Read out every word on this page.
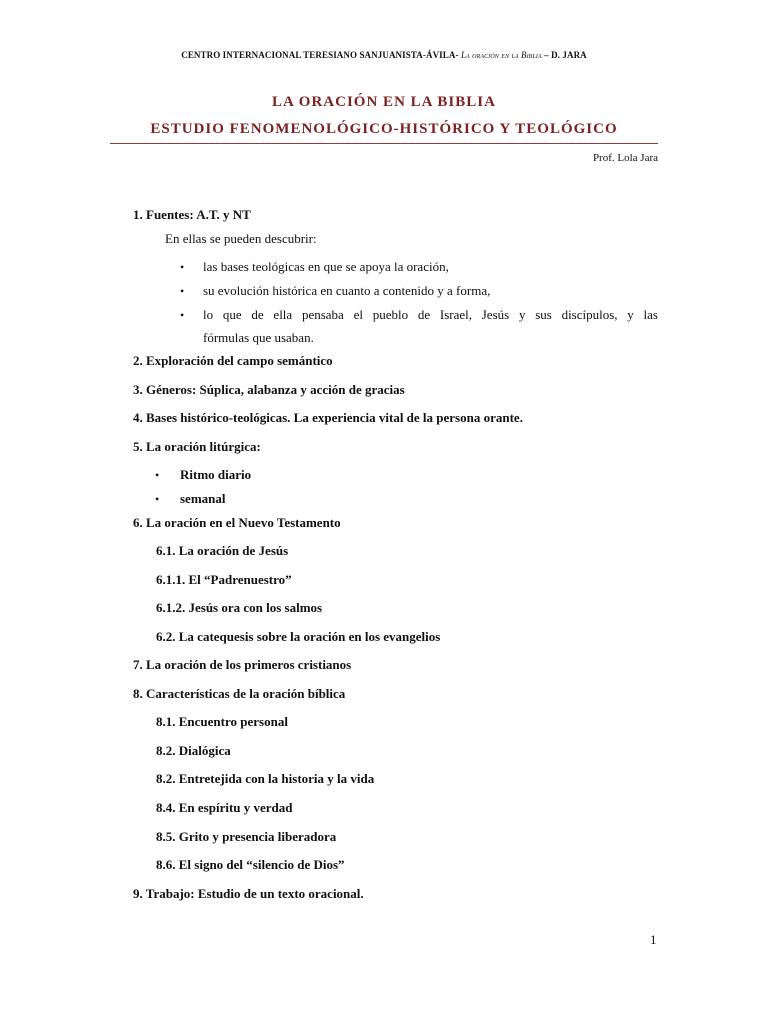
CENTRO INTERNACIONAL TERESIANO SANJUANISTA-ÁVILA- La oración en la Biblia – D. JARA
LA ORACIÓN EN LA BIBLIA
ESTUDIO FENOMENOLÓGICO-HISTÓRICO Y TEOLÓGICO
Prof. Lola Jara
1. Fuentes: A.T. y NT
En ellas se pueden descubrir:
• las bases teológicas en que se apoya la oración,
• su evolución histórica en cuanto a contenido y a forma,
• lo que de ella pensaba el pueblo de Israel, Jesús y sus discípulos, y las
fórmulas que usaban.
2. Exploración del campo semántico
3. Géneros: Súplica, alabanza y acción de gracias
4. Bases histórico-teológicas. La experiencia vital de la persona orante.
5. La oración litúrgica:
• Ritmo diario
• semanal
6. La oración en el Nuevo Testamento
6.1. La oración de Jesús
6.1.1. El “Padrenuestro”
6.1.2. Jesús ora con los salmos
6.2. La catequesis sobre la oración en los evangelios
7. La oración de los primeros cristianos
8. Características de la oración bíblica
8.1. Encuentro personal
8.2. Dialógica
8.2. Entretejida con la historia y la vida
8.4. En espíritu y verdad
8.5. Grito y presencia liberadora
8.6. El signo del “silencio de Dios”
9. Trabajo: Estudio de un texto oracional.
1
